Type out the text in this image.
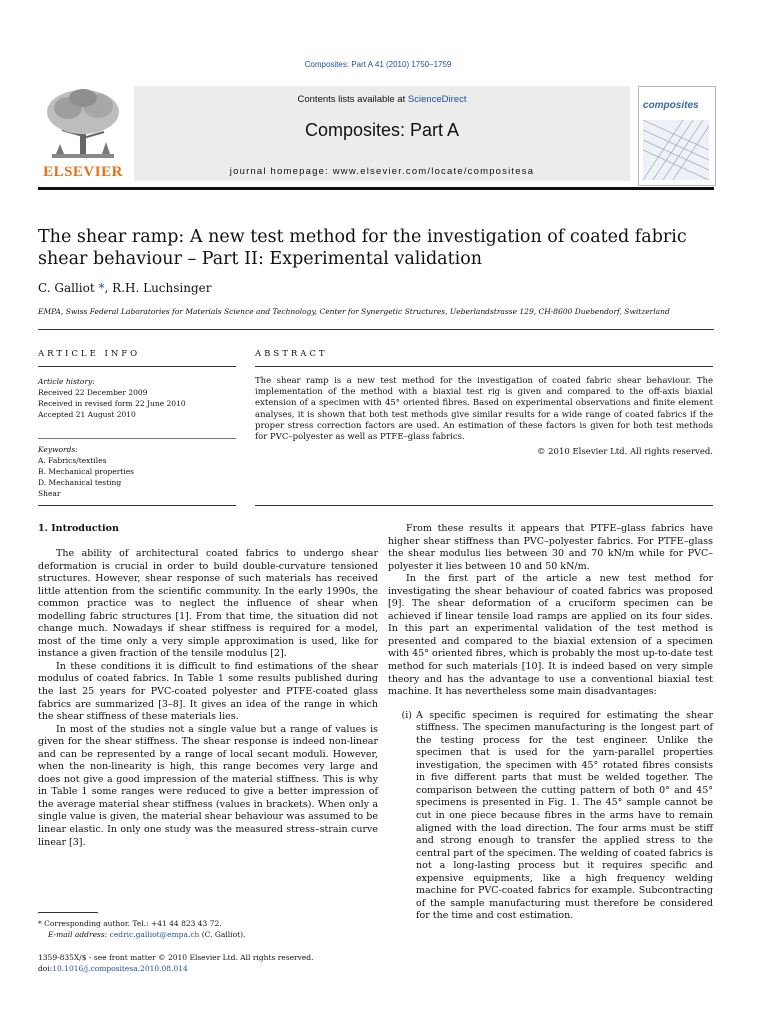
Composites: Part A 41 (2010) 1750–1759
Contents lists available at ScienceDirect
Composites: Part A
journal homepage: www.elsevier.com/locate/compositesa
ELSEVIER
composites
The shear ramp: A new test method for the investigation of coated fabric shear behaviour – Part II: Experimental validation
C. Galliot *, R.H. Luchsinger
EMPA, Swiss Federal Laboratories for Materials Science and Technology, Center for Synergetic Structures, Ueberlandstrasse 129, CH-8600 Duebendorf, Switzerland
ARTICLE INFO
Article history:
Received 22 December 2009
Received in revised form 22 June 2010
Accepted 21 August 2010
Keywords:
A. Fabrics/textiles
B. Mechanical properties
D. Mechanical testing
Shear
ABSTRACT
The shear ramp is a new test method for the investigation of coated fabric shear behaviour. The implementation of the method with a biaxial test rig is given and compared to the off-axis biaxial extension of a specimen with 45° oriented fibres. Based on experimental observations and finite element analyses, it is shown that both test methods give similar results for a wide range of coated fabrics if the proper stress correction factors are used. An estimation of these factors is given for both test methods for PVC–polyester as well as PTFE–glass fabrics.
© 2010 Elsevier Ltd. All rights reserved.
1. Introduction

The ability of architectural coated fabrics to undergo shear deformation is crucial in order to build double-curvature tensioned structures. However, shear response of such materials has received little attention from the scientific community. In the early 1990s, the common practice was to neglect the influence of shear when modelling fabric structures [1]. From that time, the situation did not change much. Nowadays if shear stiffness is required for a model, most of the time only a very simple approximation is used, like for instance a given fraction of the tensile modulus [2].

In these conditions it is difficult to find estimations of the shear modulus of coated fabrics. In Table 1 some results published during the last 25 years for PVC-coated polyester and PTFE-coated glass fabrics are summarized [3–8]. It gives an idea of the range in which the shear stiffness of these materials lies.

In most of the studies not a single value but a range of values is given for the shear stiffness. The shear response is indeed non-linear and can be represented by a range of local secant moduli. However, when the non-linearity is high, this range becomes very large and does not give a good impression of the material stiffness. This is why in Table 1 some ranges were reduced to give a better impression of the average material shear stiffness (values in brackets). When only a single value is given, the material shear behaviour was assumed to be linear elastic. In only one study was the measured stress–strain curve linear [3].

From these results it appears that PTFE–glass fabrics have higher shear stiffness than PVC–polyester fabrics. For PTFE–glass the shear modulus lies between 30 and 70 kN/m while for PVC–polyester it lies between 10 and 50 kN/m.

In the first part of the article a new test method for investigating the shear behaviour of coated fabrics was proposed [9]. The shear deformation of a cruciform specimen can be achieved if linear tensile load ramps are applied on its four sides. In this part an experimental validation of the test method is presented and compared to the biaxial extension of a specimen with 45° oriented fibres, which is probably the most up-to-date test method for such materials [10]. It is indeed based on very simple theory and has the advantage to use a conventional biaxial test machine. It has nevertheless some main disadvantages:

(i) A specific specimen is required for estimating the shear stiffness. The specimen manufacturing is the longest part of the testing process for the test engineer. Unlike the specimen that is used for the yarn-parallel properties investigation, the specimen with 45° rotated fibres consists in five different parts that must be welded together. The comparison between the cutting pattern of both 0° and 45° specimens is presented in Fig. 1. The 45° sample cannot be cut in one piece because fibres in the arms have to remain aligned with the load direction. The four arms must be stiff and strong enough to transfer the applied stress to the central part of the specimen. The welding of coated fabrics is not a long-lasting process but it requires specific and expensive equipments, like a high frequency welding machine for PVC-coated fabrics for example. Subcontracting of the sample manufacturing must therefore be considered for the time and cost estimation.
* Corresponding author. Tel.: +41 44 823 43 72.
E-mail address: cedric.galliot@empa.ch (C. Galliot).
1359-835X/$ - see front matter © 2010 Elsevier Ltd. All rights reserved.
doi:10.1016/j.compositesa.2010.08.014
